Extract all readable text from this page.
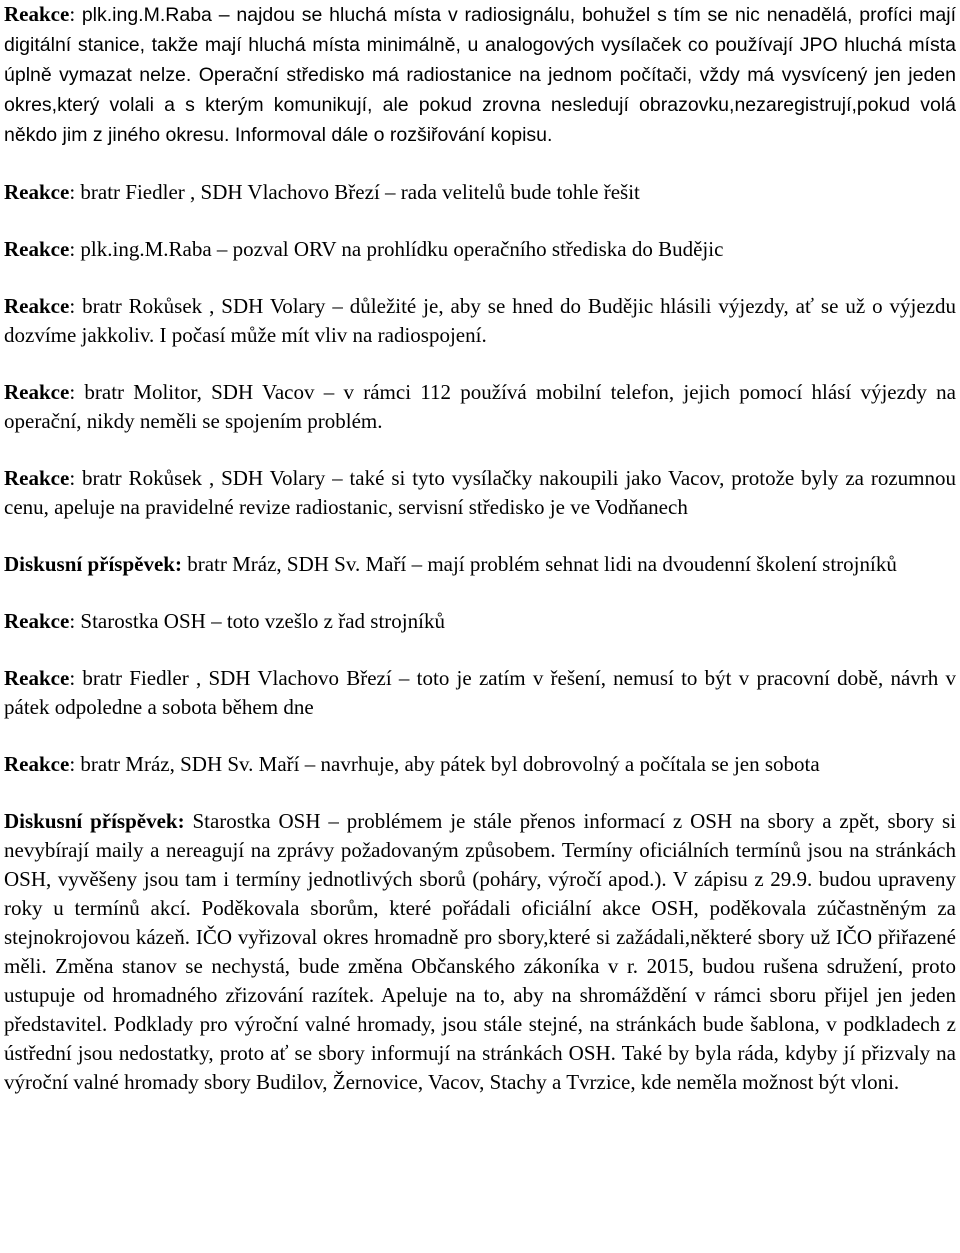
Reakce: plk.ing.M.Raba – najdou se hluchá místa v radiosignálu, bohužel s tím se nic nenadělá, profíci mají digitální stanice, takže mají hluchá místa minimálně, u analogových vysílaček co používají JPO hluchá místa úplně vymazat nelze. Operační středisko má radiostanice na jednom počítači, vždy má vysvícený jen jeden okres,který volali a s kterým komunikují, ale pokud zrovna nesledují obrazovku,nezaregistrují,pokud volá někdo jim z jiného okresu. Informoval dále o rozšiřování kopisu.

Reakce: bratr Fiedler , SDH Vlachovo Březí – rada velitelů bude tohle řešit

Reakce: plk.ing.M.Raba – pozval ORV na prohlídku operačního střediska do Budějic

Reakce: bratr Rokůsek , SDH Volary – důležité je, aby se hned do Budějic hlásili výjezdy, ať se už o výjezdu dozvíme jakkoliv. I počasí může mít vliv na radiospojení.

Reakce: bratr Molitor, SDH Vacov – v rámci 112 používá mobilní telefon, jejich pomocí hlásí výjezdy na operační, nikdy neměli se spojením problém.

Reakce: bratr Rokůsek , SDH Volary – také si tyto vysílačky nakoupili jako Vacov, protože byly za rozumnou cenu, apeluje na pravidelné revize radiostanic, servisní středisko je ve Vodňanech

Diskusní příspěvek: bratr Mráz, SDH Sv. Maří – mají problém sehnat lidi na dvoudenní školení strojníků

Reakce: Starostka OSH – toto vzešlo z řad strojníků

Reakce: bratr Fiedler , SDH Vlachovo Březí – toto je zatím v řešení, nemusí to být v pracovní době, návrh v pátek odpoledne a sobota během dne

Reakce: bratr Mráz, SDH Sv. Maří – navrhuje, aby pátek byl dobrovolný a počítala se jen sobota

Diskusní příspěvek: Starostka OSH – problémem je stále přenos informací z OSH na sbory a zpět, sbory si nevybírají maily a nereagují na zprávy požadovaným způsobem. Termíny oficiálních termínů jsou na stránkách OSH, vyvěšeny jsou tam i termíny jednotlivých sborů (poháry, výročí apod.). V zápisu z 29.9. budou upraveny roky u termínů akcí. Poděkovala sborům, které pořádali oficiální akce OSH, poděkovala zúčastněným za stejnokrojovou kázeň. IČO vyřizoval okres hromadně pro sbory,které si zažádali,některé sbory už IČO přiřazené měli. Změna stanov se nechystá, bude změna Občanského zákoníka v r. 2015, budou rušena sdružení, proto ustupuje od hromadného zřizování razítek. Apeluje na to, aby na shromáždění v rámci sboru přijel jen jeden představitel. Podklady pro výroční valné hromady, jsou stále stejné, na stránkách bude šablona, v podkladech z ústřední jsou nedostatky, proto ať se sbory informují na stránkách OSH. Také by byla ráda, kdyby jí přizvaly na výroční valné hromady sbory Budilov, Žernovice, Vacov, Stachy a Tvrzice, kde neměla možnost být vloni.
